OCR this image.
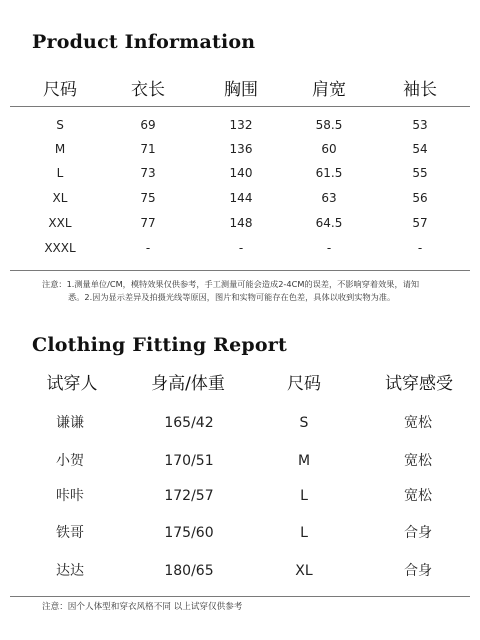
Product Information
尺码	衣长	胸围	肩宽	袖长
S	69	132	58.5	53
M	71	136	60	54
L	73	140	61.5	55
XL	75	144	63	56
XXL	77	148	64.5	57
XXXL	-	-	-	-
注意：1.测量单位/CM，模特效果仅供参考，手工测量可能会造成2-4CM的误差，不影响穿着效果，请知
悉。2.因为显示差异及拍摄光线等原因，图片和实物可能存在色差，具体以收到实物为准。
Clothing Fitting Report
试穿人	身高/体重	尺码	试穿感受
谦谦	165/42	S	宽松
小贺	170/51	M	宽松
咔咔	172/57	L	宽松
铁哥	175/60	L	合身
达达	180/65	XL	合身
注意：因个人体型和穿衣风格不同 以上试穿仅供参考
